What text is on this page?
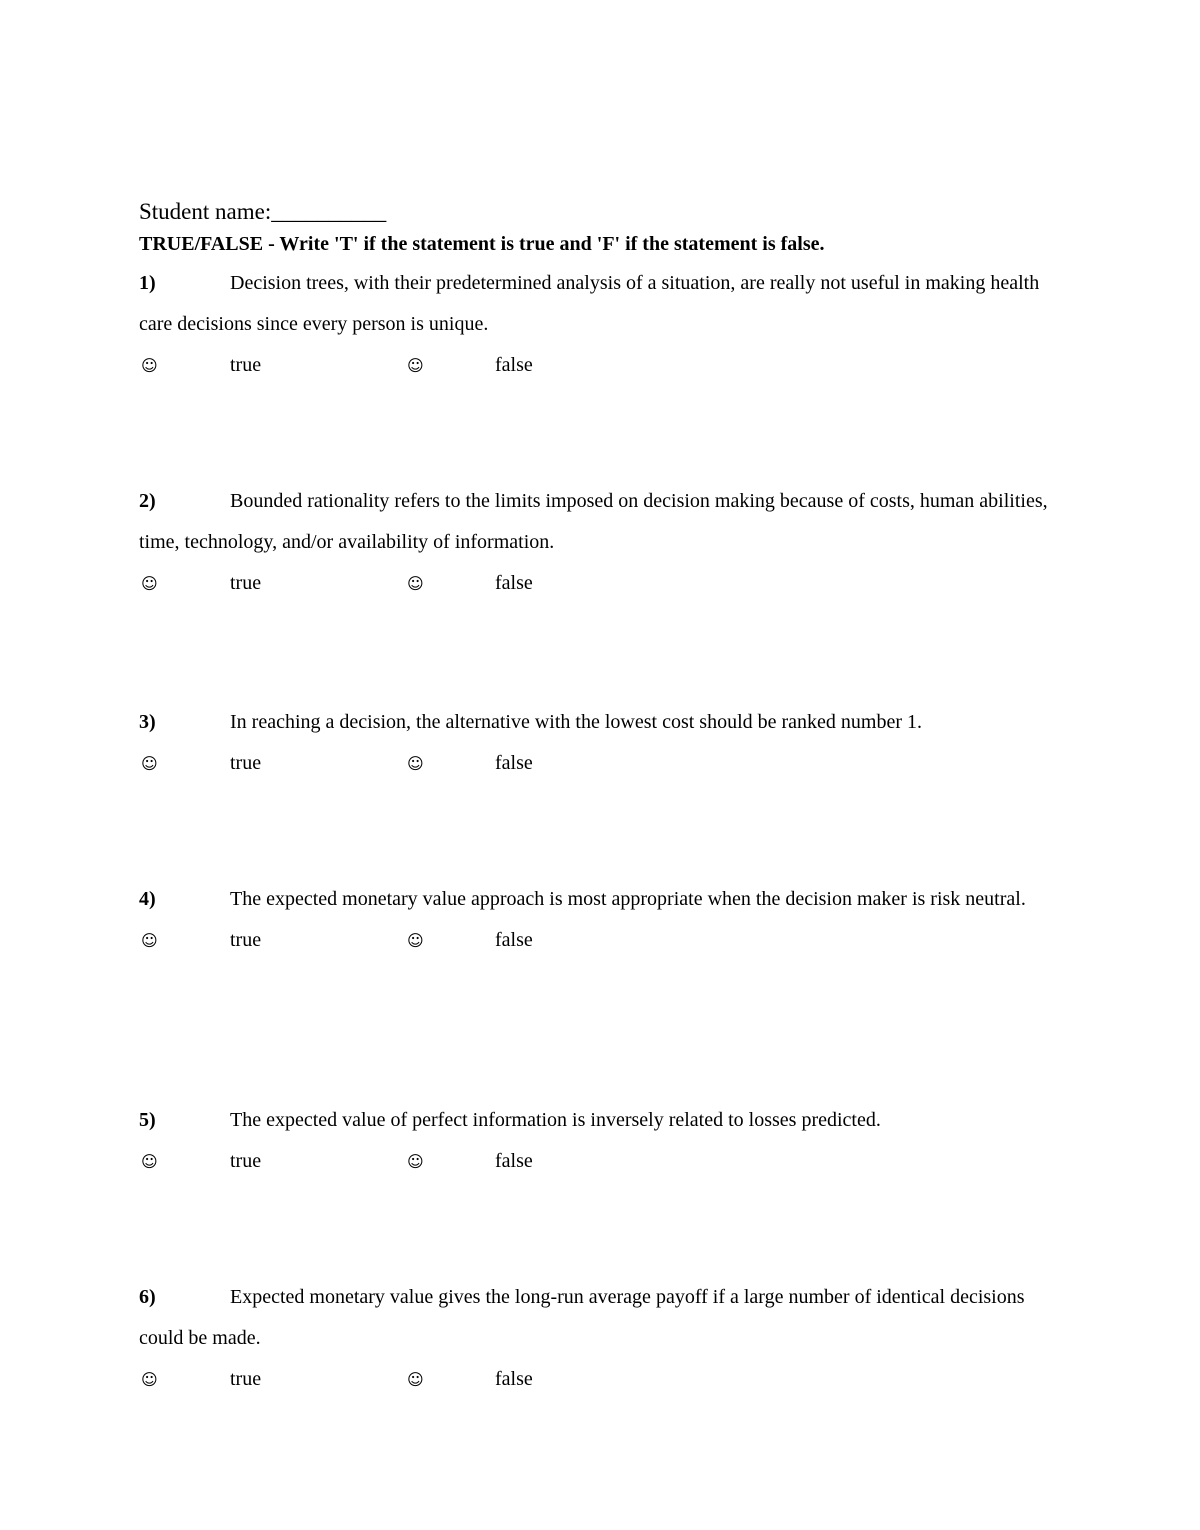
Student name:__________
TRUE/FALSE - Write 'T' if the statement is true and 'F' if the statement is false.

1)	Decision trees, with their predetermined analysis of a situation, are really not useful in making health care decisions since every person is unique.

☺	true	☺	false

2)	Bounded rationality refers to the limits imposed on decision making because of costs, human abilities, time, technology, and/or availability of information.

☺	true	☺	false

3)	In reaching a decision, the alternative with the lowest cost should be ranked number 1.

☺	true	☺	false

4)	The expected monetary value approach is most appropriate when the decision maker is risk neutral.

☺	true	☺	false

5)	The expected value of perfect information is inversely related to losses predicted.

☺	true	☺	false

6)	Expected monetary value gives the long-run average payoff if a large number of identical decisions could be made.

☺	true	☺	false
